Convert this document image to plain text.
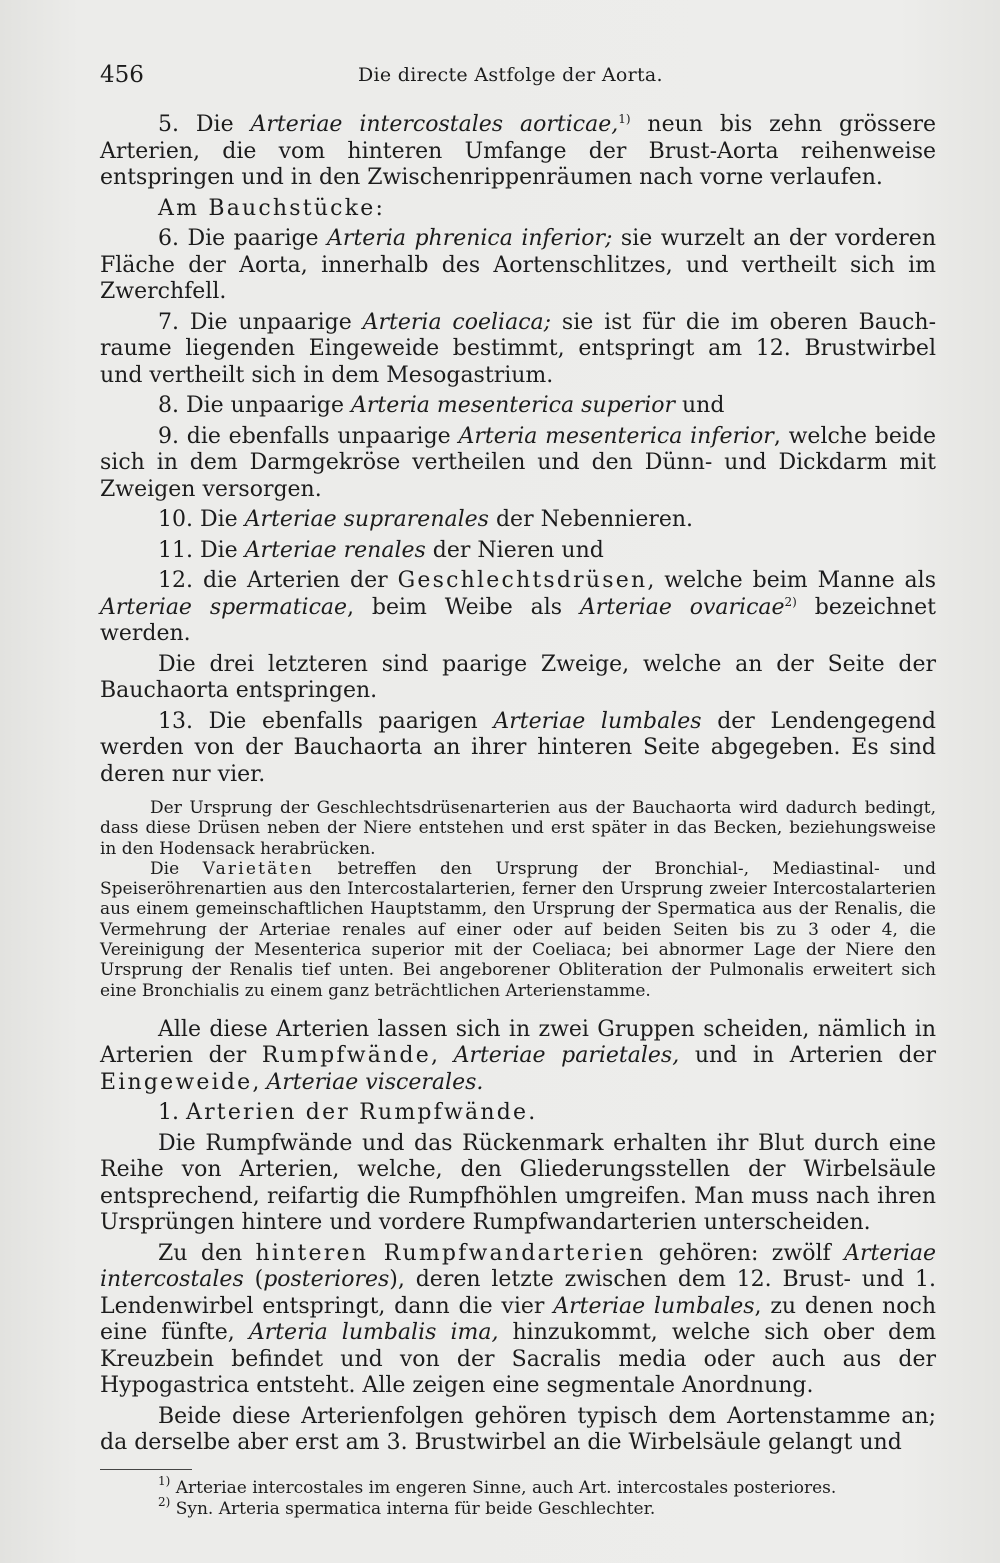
456	Die directe Astfolge der Aorta.

5. Die Arteriae intercostales aorticae,$^{1)}$ neun bis zehn grössere Arterien, die vom hinteren Umfange der Brust-Aorta reihenweise entspringen und in den Zwischenrippenräumen nach vorne verlaufen.

Am Bauchstücke:

6. Die paarige Arteria phrenica inferior; sie wurzelt an der vorderen Fläche der Aorta, innerhalb des Aortenschlitzes, und vertheilt sich im Zwerchfell.

7. Die unpaarige Arteria coeliaca; sie ist für die im oberen Bauchraume liegenden Eingeweide bestimmt, entspringt am 12. Brustwirbel und vertheilt sich in dem Mesogastrium.

8. Die unpaarige Arteria mesenterica superior und

9. die ebenfalls unpaarige Arteria mesenterica inferior, welche beide sich in dem Darmgekröse vertheilen und den Dünn- und Dickdarm mit Zweigen versorgen.

10. Die Arteriae suprarenales der Nebennieren.

11. Die Arteriae renales der Nieren und

12. die Arterien der Geschlechtsdrüsen, welche beim Manne als Arteriae spermaticae, beim Weibe als Arteriae ovaricae$^{2)}$ bezeichnet werden.

Die drei letzteren sind paarige Zweige, welche an der Seite der Bauchaorta entspringen.

13. Die ebenfalls paarigen Arteriae lumbales der Lendengegend werden von der Bauchaorta an ihrer hinteren Seite abgegeben. Es sind deren nur vier.

Der Ursprung der Geschlechtsdrüsenarterien aus der Bauchaorta wird dadurch bedingt, dass diese Drüsen neben der Niere entstehen und erst später in das Becken, beziehungsweise in den Hodensack herabrücken.

Die Varietäten betreffen den Ursprung der Bronchial-, Mediastinal- und Speiseröhrenartien aus den Intercostalarterien, ferner den Ursprung zweier Intercostalarterien aus einem gemeinschaftlichen Hauptstamm, den Ursprung der Spermatica aus der Renalis, die Vermehrung der Arteriae renales auf einer oder auf beiden Seiten bis zu 3 oder 4, die Vereinigung der Mesenterica superior mit der Coeliaca; bei abnormer Lage der Niere den Ursprung der Renalis tief unten. Bei angeborener Obliteration der Pulmonalis erweitert sich eine Bronchialis zu einem ganz beträchtlichen Arterienstamme.

Alle diese Arterien lassen sich in zwei Gruppen scheiden, nämlich in Arterien der Rumpfwände, Arteriae parietales, und in Arterien der Eingeweide, Arteriae viscerales.

1. Arterien der Rumpfwände.

Die Rumpfwände und das Rückenmark erhalten ihr Blut durch eine Reihe von Arterien, welche, den Gliederungsstellen der Wirbelsäule entsprechend, reifartig die Rumpfhöhlen umgreifen. Man muss nach ihren Ursprüngen hintere und vordere Rumpfwandarterien unterscheiden.

Zu den hinteren Rumpfwandarterien gehören: zwölf Arteriae intercostales (posteriores), deren letzte zwischen dem 12. Brust- und 1. Lendenwirbel entspringt, dann die vier Arteriae lumbales, zu denen noch eine fünfte, Arteria lumbalis ima, hinzukommt, welche sich ober dem Kreuzbein befindet und von der Sacralis media oder auch aus der Hypogastrica entsteht. Alle zeigen eine segmentale Anordnung.

Beide diese Arterienfolgen gehören typisch dem Aortenstamme an; da derselbe aber erst am 3. Brustwirbel an die Wirbelsäule gelangt und

$^{1)}$ Arteriae intercostales im engeren Sinne, auch Art. intercostales posteriores.

$^{2)}$ Syn. Arteria spermatica interna für beide Geschlechter.
